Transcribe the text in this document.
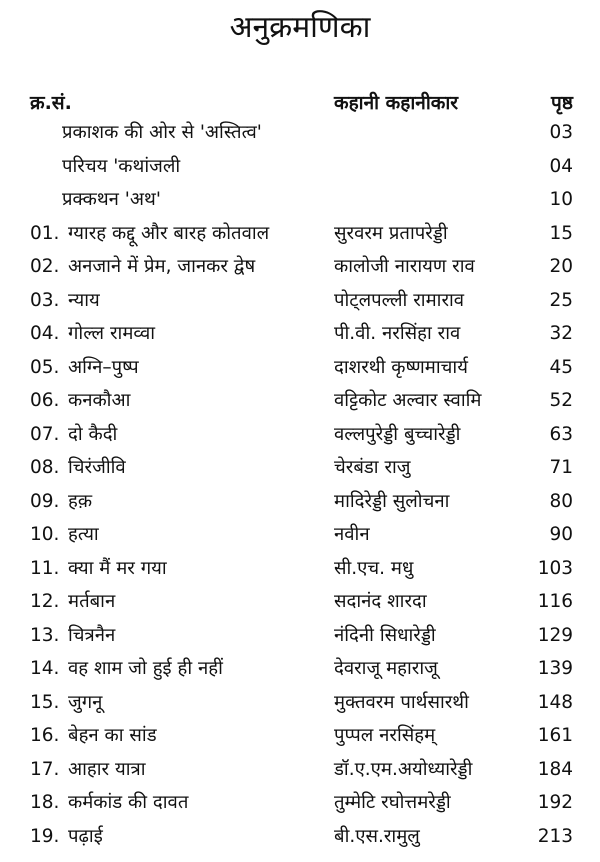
अनुक्रमणिका
क्र.सं.	कहानी कहानीकार	पृष्ठ
प्रकाशक की ओर से 'अस्तित्व'	03
परिचय 'कथांजली	04
प्रक्कथन 'अथ'	10
01. ग्यारह कद्दू और बारह कोतवाल	सुरवरम प्रतापरेड्डी	15
02. अनजाने में प्रेम, जानकर द्वेष	कालोजी नारायण राव	20
03. न्याय	पोट्लपल्ली रामाराव	25
04. गोल्ल रामव्वा	पी.वी. नरसिंहा राव	32
05. अग्नि–पुष्प	दाशरथी कृष्णमाचार्य	45
06. कनकौआ	वट्टिकोट अल्वार स्वामि	52
07. दो कैदी	वल्लपुरेड्डी बुच्चारेड्डी	63
08. चिरंजीवि	चेरबंडा राजु	71
09. हक़	मादिरेड्डी सुलोचना	80
10. हत्या	नवीन	90
11. क्या मैं मर गया	सी.एच. मधु	103
12. मर्तबान	सदानंद शारदा	116
13. चित्रनैन	नंदिनी सिधारेड्डी	129
14. वह शाम जो हुई ही नहीं	देवराजू महाराजू	139
15. जुगनू	मुक्तवरम पार्थसारथी	148
16. बेहन का सांड	पुप्पल नरसिंहम्	161
17. आहार यात्रा	डॉ.ए.एम.अयोध्यारेड्डी	184
18. कर्मकांड की दावत	तुम्मेटि रघोत्तमरेड्डी	192
19. पढ़ाई	बी.एस.रामुलु	213
